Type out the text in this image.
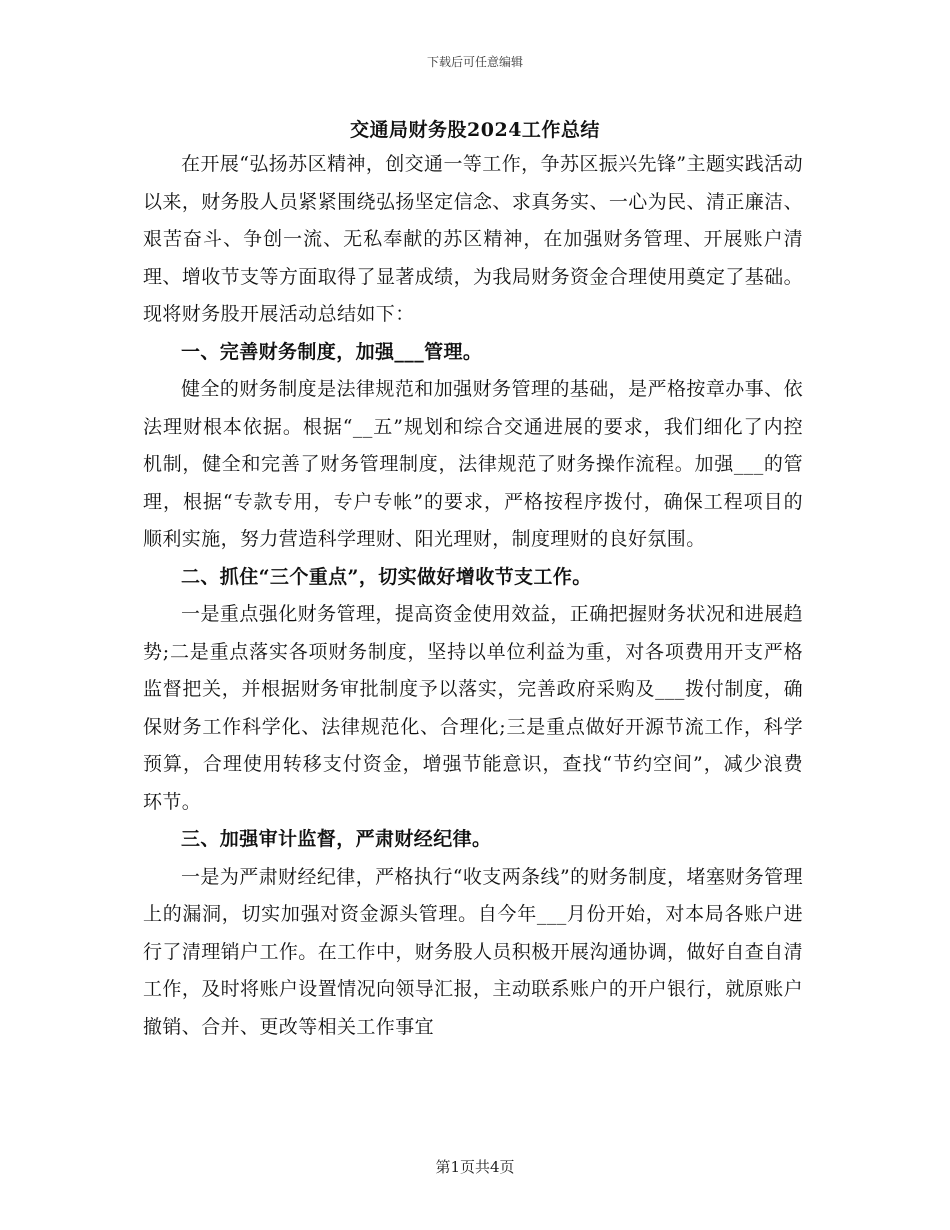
下载后可任意编辑
交通局财务股2024工作总结

在开展“弘扬苏区精神，创交通一等工作，争苏区振兴先锋”主题实践活动以来，财务股人员紧紧围绕弘扬坚定信念、求真务实、一心为民、清正廉洁、艰苦奋斗、争创一流、无私奉献的苏区精神，在加强财务管理、开展账户清理、增收节支等方面取得了显著成绩，为我局财务资金合理使用奠定了基础。现将财务股开展活动总结如下：

一、完善财务制度，加强___管理。

健全的财务制度是法律规范和加强财务管理的基础，是严格按章办事、依法理财根本依据。根据“__五”规划和综合交通进展的要求，我们细化了内控机制，健全和完善了财务管理制度，法律规范了财务操作流程。加强___的管理，根据“专款专用，专户专帐”的要求，严格按程序拨付，确保工程项目的顺利实施，努力营造科学理财、阳光理财，制度理财的良好氛围。

二、抓住“三个重点”，切实做好增收节支工作。

一是重点强化财务管理，提高资金使用效益，正确把握财务状况和进展趋势;二是重点落实各项财务制度，坚持以单位利益为重，对各项费用开支严格监督把关，并根据财务审批制度予以落实，完善政府采购及___拨付制度，确保财务工作科学化、法律规范化、合理化;三是重点做好开源节流工作，科学预算，合理使用转移支付资金，增强节能意识，查找“节约空间”，减少浪费环节。

三、加强审计监督，严肃财经纪律。

一是为严肃财经纪律，严格执行“收支两条线”的财务制度，堵塞财务管理上的漏洞，切实加强对资金源头管理。自今年___月份开始，对本局各账户进行了清理销户工作。在工作中，财务股人员积极开展沟通协调，做好自查自清工作，及时将账户设置情况向领导汇报，主动联系账户的开户银行，就原账户撤销、合并、更改等相关工作事宜

第1页共4页
